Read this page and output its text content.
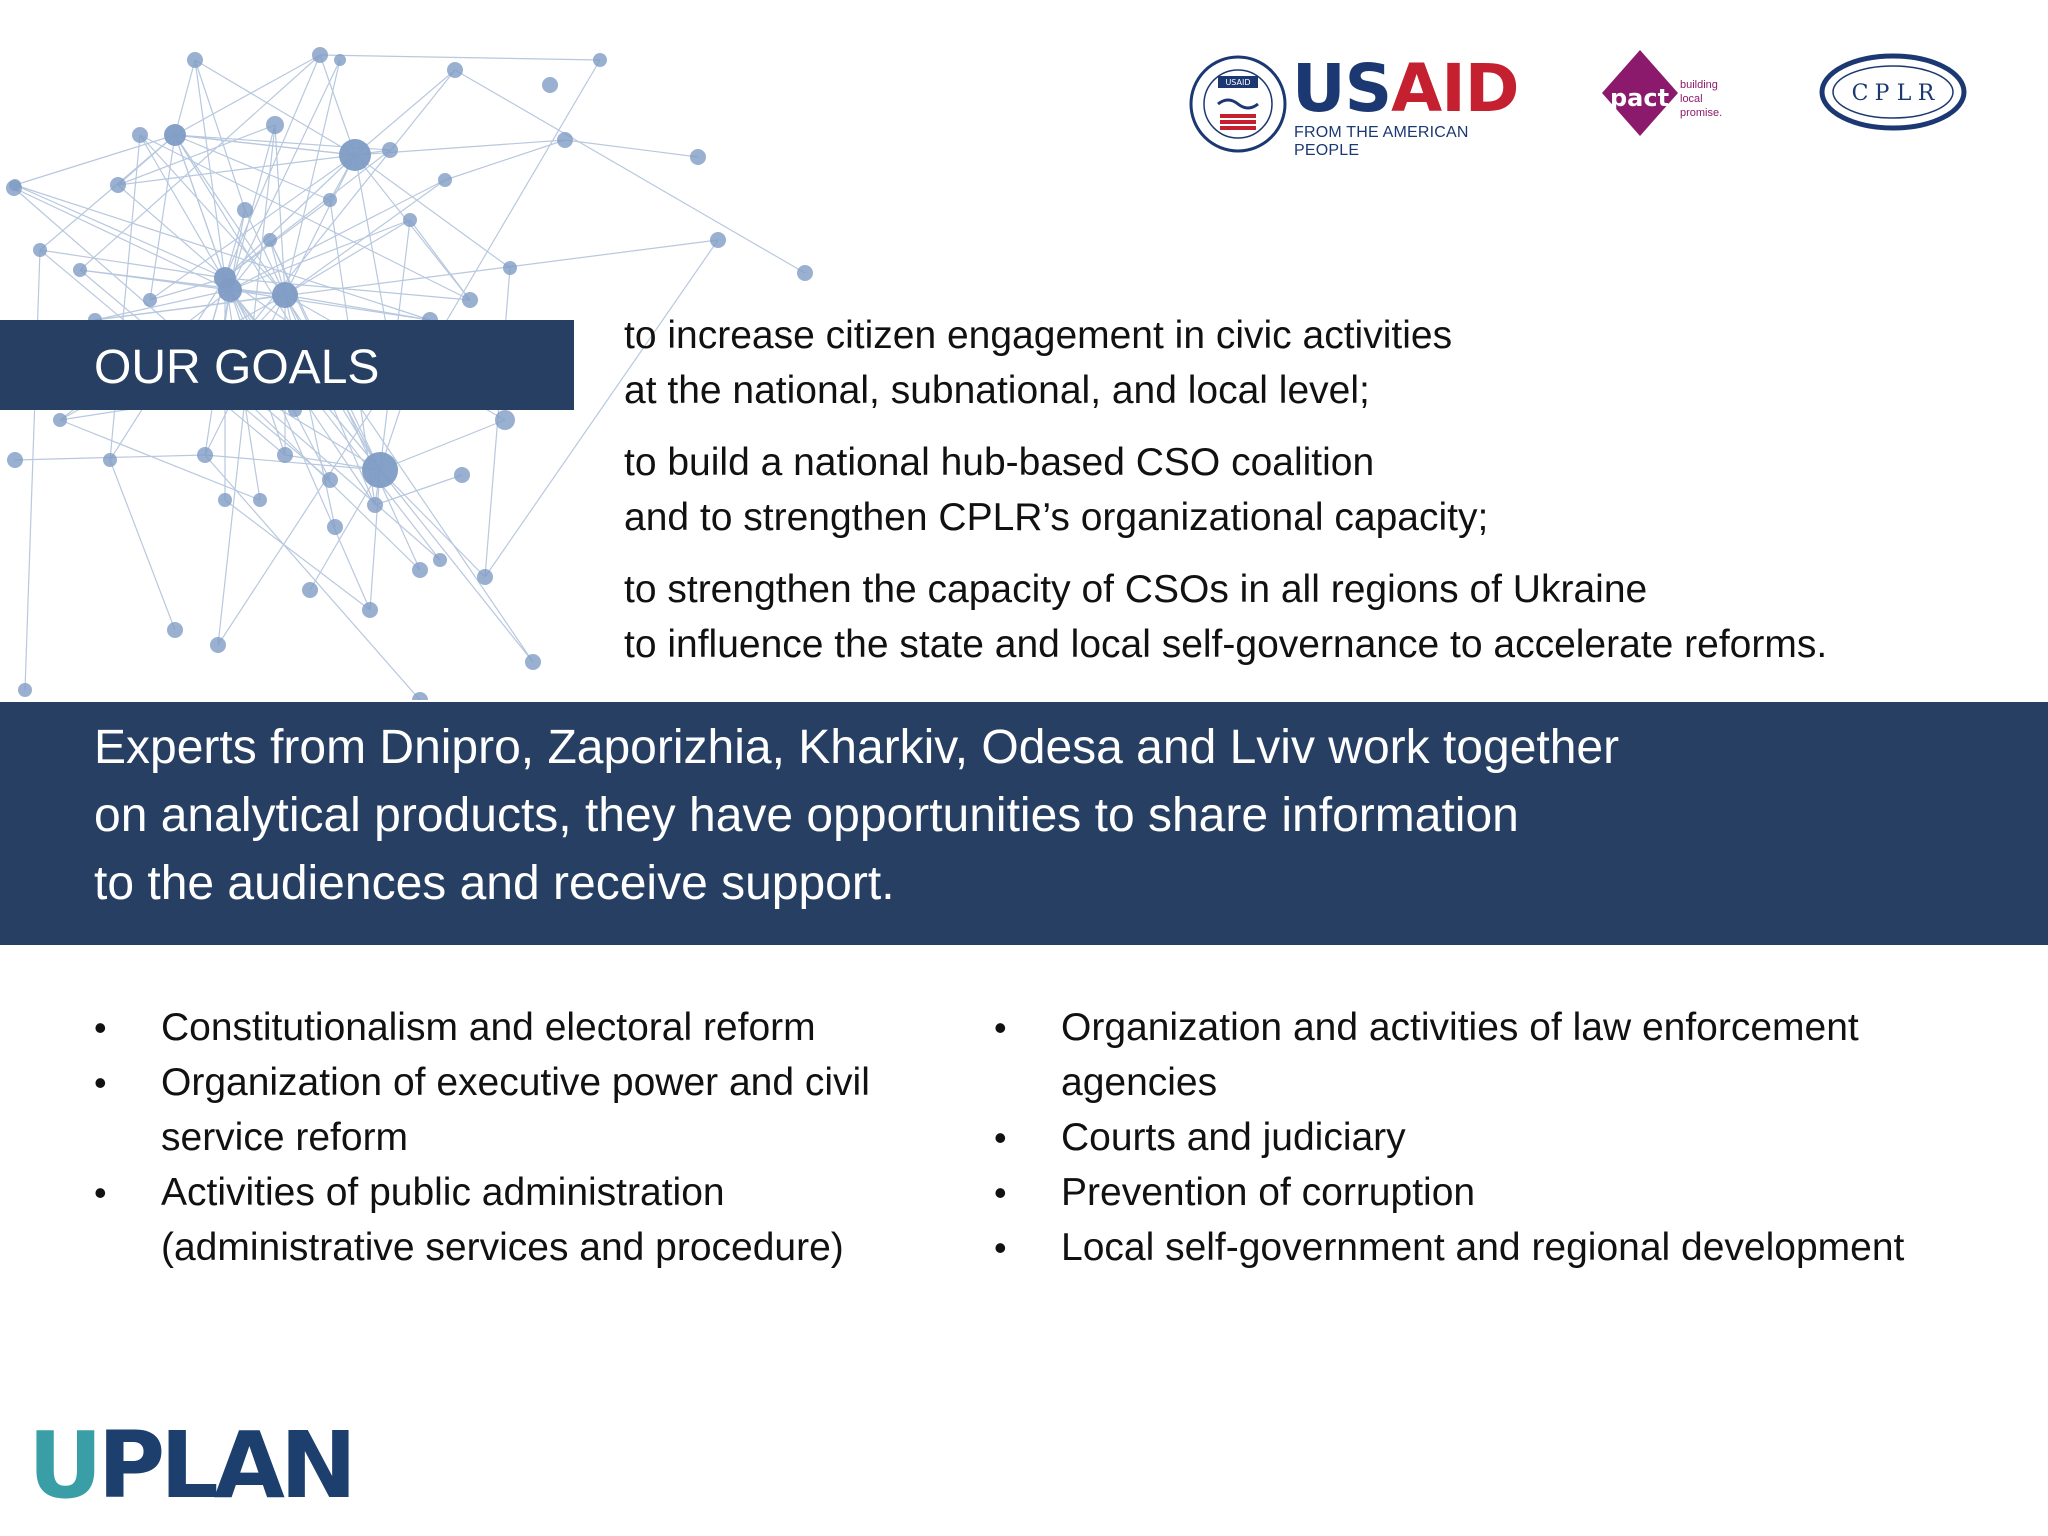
USAID USAID
FROM THE AMERICAN PEOPLE
pact building
local
promise.
C P L R
OUR GOALS
to increase citizen engagement in civic activities
at the national, subnational, and local level;
to build a national hub-based CSO coalition
and to strengthen CPLR’s organizational capacity;
to strengthen the capacity of CSOs in all regions of Ukraine
to influence the state and local self-governance to accelerate reforms.
Experts from Dnipro, Zaporizhia, Kharkiv, Odesa and Lviv work together
on analytical products, they have opportunities to share information
to the audiences and receive support.
• Constitutionalism and electoral reform
• Organization of executive power and civil service reform
• Activities of public administration (administrative services and procedure)
• Organization and activities of law enforcement agencies
• Courts and judiciary
• Prevention of corruption
• Local self-government and regional development
UPLAN
